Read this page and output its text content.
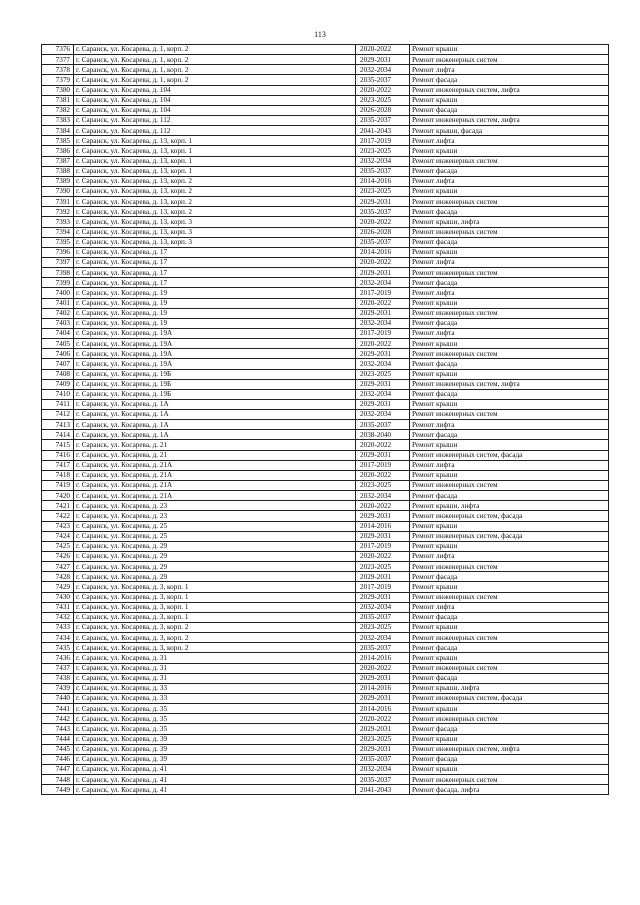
113
7376	г. Саранск, ул. Косарева, д. 1, корп. 2	2020-2022	Ремонт крыши
7377	г. Саранск, ул. Косарева, д. 1, корп. 2	2029-2031	Ремонт инженерных систем
7378	г. Саранск, ул. Косарева, д. 1, корп. 2	2032-2034	Ремонт лифта
7379	г. Саранск, ул. Косарева, д. 1, корп. 2	2035-2037	Ремонт фасада
7380	г. Саранск, ул. Косарева, д. 104	2020-2022	Ремонт инженерных систем, лифта
7381	г. Саранск, ул. Косарева, д. 104	2023-2025	Ремонт крыши
7382	г. Саранск, ул. Косарева, д. 104	2026-2028	Ремонт фасада
7383	г. Саранск, ул. Косарева, д. 112	2035-2037	Ремонт инженерных систем, лифта
7384	г. Саранск, ул. Косарева, д. 112	2041-2043	Ремонт крыши, фасада
7385	г. Саранск, ул. Косарева, д. 13, корп. 1	2017-2019	Ремонт лифта
7386	г. Саранск, ул. Косарева, д. 13, корп. 1	2023-2025	Ремонт крыши
7387	г. Саранск, ул. Косарева, д. 13, корп. 1	2032-2034	Ремонт инженерных систем
7388	г. Саранск, ул. Косарева, д. 13, корп. 1	2035-2037	Ремонт фасада
7389	г. Саранск, ул. Косарева, д. 13, корп. 2	2014-2016	Ремонт лифта
7390	г. Саранск, ул. Косарева, д. 13, корп. 2	2023-2025	Ремонт крыши
7391	г. Саранск, ул. Косарева, д. 13, корп. 2	2029-2031	Ремонт инженерных систем
7392	г. Саранск, ул. Косарева, д. 13, корп. 2	2035-2037	Ремонт фасада
7393	г. Саранск, ул. Косарева, д. 13, корп. 3	2020-2022	Ремонт крыши, лифта
7394	г. Саранск, ул. Косарева, д. 13, корп. 3	2026-2028	Ремонт инженерных систем
7395	г. Саранск, ул. Косарева, д. 13, корп. 3	2035-2037	Ремонт фасада
7396	г. Саранск, ул. Косарева, д. 17	2014-2016	Ремонт крыши
7397	г. Саранск, ул. Косарева, д. 17	2020-2022	Ремонт лифта
7398	г. Саранск, ул. Косарева, д. 17	2029-2031	Ремонт инженерных систем
7399	г. Саранск, ул. Косарева, д. 17	2032-2034	Ремонт фасада
7400	г. Саранск, ул. Косарева, д. 19	2017-2019	Ремонт лифта
7401	г. Саранск, ул. Косарева, д. 19	2020-2022	Ремонт крыши
7402	г. Саранск, ул. Косарева, д. 19	2029-2031	Ремонт инженерных систем
7403	г. Саранск, ул. Косарева, д. 19	2032-2034	Ремонт фасада
7404	г. Саранск, ул. Косарева, д. 19А	2017-2019	Ремонт лифта
7405	г. Саранск, ул. Косарева, д. 19А	2020-2022	Ремонт крыши
7406	г. Саранск, ул. Косарева, д. 19А	2029-2031	Ремонт инженерных систем
7407	г. Саранск, ул. Косарева, д. 19А	2032-2034	Ремонт фасада
7408	г. Саранск, ул. Косарева, д. 19Б	2023-2025	Ремонт крыши
7409	г. Саранск, ул. Косарева, д. 19Б	2029-2031	Ремонт инженерных систем, лифта
7410	г. Саранск, ул. Косарева, д. 19Б	2032-2034	Ремонт фасада
7411	г. Саранск, ул. Косарева, д. 1А	2029-2031	Ремонт крыши
7412	г. Саранск, ул. Косарева, д. 1А	2032-2034	Ремонт инженерных систем
7413	г. Саранск, ул. Косарева, д. 1А	2035-2037	Ремонт лифта
7414	г. Саранск, ул. Косарева, д. 1А	2038-2040	Ремонт фасада
7415	г. Саранск, ул. Косарева, д. 21	2020-2022	Ремонт крыши
7416	г. Саранск, ул. Косарева, д. 21	2029-2031	Ремонт инженерных систем, фасада
7417	г. Саранск, ул. Косарева, д. 21А	2017-2019	Ремонт лифта
7418	г. Саранск, ул. Косарева, д. 21А	2020-2022	Ремонт крыши
7419	г. Саранск, ул. Косарева, д. 21А	2023-2025	Ремонт инженерных систем
7420	г. Саранск, ул. Косарева, д. 21А	2032-2034	Ремонт фасада
7421	г. Саранск, ул. Косарева, д. 23	2020-2022	Ремонт крыши, лифта
7422	г. Саранск, ул. Косарева, д. 23	2029-2031	Ремонт инженерных систем, фасада
7423	г. Саранск, ул. Косарева, д. 25	2014-2016	Ремонт крыши
7424	г. Саранск, ул. Косарева, д. 25	2029-2031	Ремонт инженерных систем, фасада
7425	г. Саранск, ул. Косарева, д. 29	2017-2019	Ремонт крыши
7426	г. Саранск, ул. Косарева, д. 29	2020-2022	Ремонт лифта
7427	г. Саранск, ул. Косарева, д. 29	2023-2025	Ремонт инженерных систем
7428	г. Саранск, ул. Косарева, д. 29	2029-2031	Ремонт фасада
7429	г. Саранск, ул. Косарева, д. 3, корп. 1	2017-2019	Ремонт крыши
7430	г. Саранск, ул. Косарева, д. 3, корп. 1	2029-2031	Ремонт инженерных систем
7431	г. Саранск, ул. Косарева, д. 3, корп. 1	2032-2034	Ремонт лифта
7432	г. Саранск, ул. Косарева, д. 3, корп. 1	2035-2037	Ремонт фасада
7433	г. Саранск, ул. Косарева, д. 3, корп. 2	2023-2025	Ремонт крыши
7434	г. Саранск, ул. Косарева, д. 3, корп. 2	2032-2034	Ремонт инженерных систем
7435	г. Саранск, ул. Косарева, д. 3, корп. 2	2035-2037	Ремонт фасада
7436	г. Саранск, ул. Косарева, д. 31	2014-2016	Ремонт крыши
7437	г. Саранск, ул. Косарева, д. 31	2020-2022	Ремонт инженерных систем
7438	г. Саранск, ул. Косарева, д. 31	2029-2031	Ремонт фасада
7439	г. Саранск, ул. Косарева, д. 33	2014-2016	Ремонт крыши, лифта
7440	г. Саранск, ул. Косарева, д. 33	2029-2031	Ремонт инженерных систем, фасада
7441	г. Саранск, ул. Косарева, д. 35	2014-2016	Ремонт крыши
7442	г. Саранск, ул. Косарева, д. 35	2020-2022	Ремонт инженерных систем
7443	г. Саранск, ул. Косарева, д. 35	2029-2031	Ремонт фасада
7444	г. Саранск, ул. Косарева, д. 39	2023-2025	Ремонт крыши
7445	г. Саранск, ул. Косарева, д. 39	2029-2031	Ремонт инженерных систем, лифта
7446	г. Саранск, ул. Косарева, д. 39	2035-2037	Ремонт фасада
7447	г. Саранск, ул. Косарева, д. 41	2032-2034	Ремонт крыши
7448	г. Саранск, ул. Косарева, д. 41	2035-2037	Ремонт инженерных систем
7449	г. Саранск, ул. Косарева, д. 41	2041-2043	Ремонт фасада, лифта
